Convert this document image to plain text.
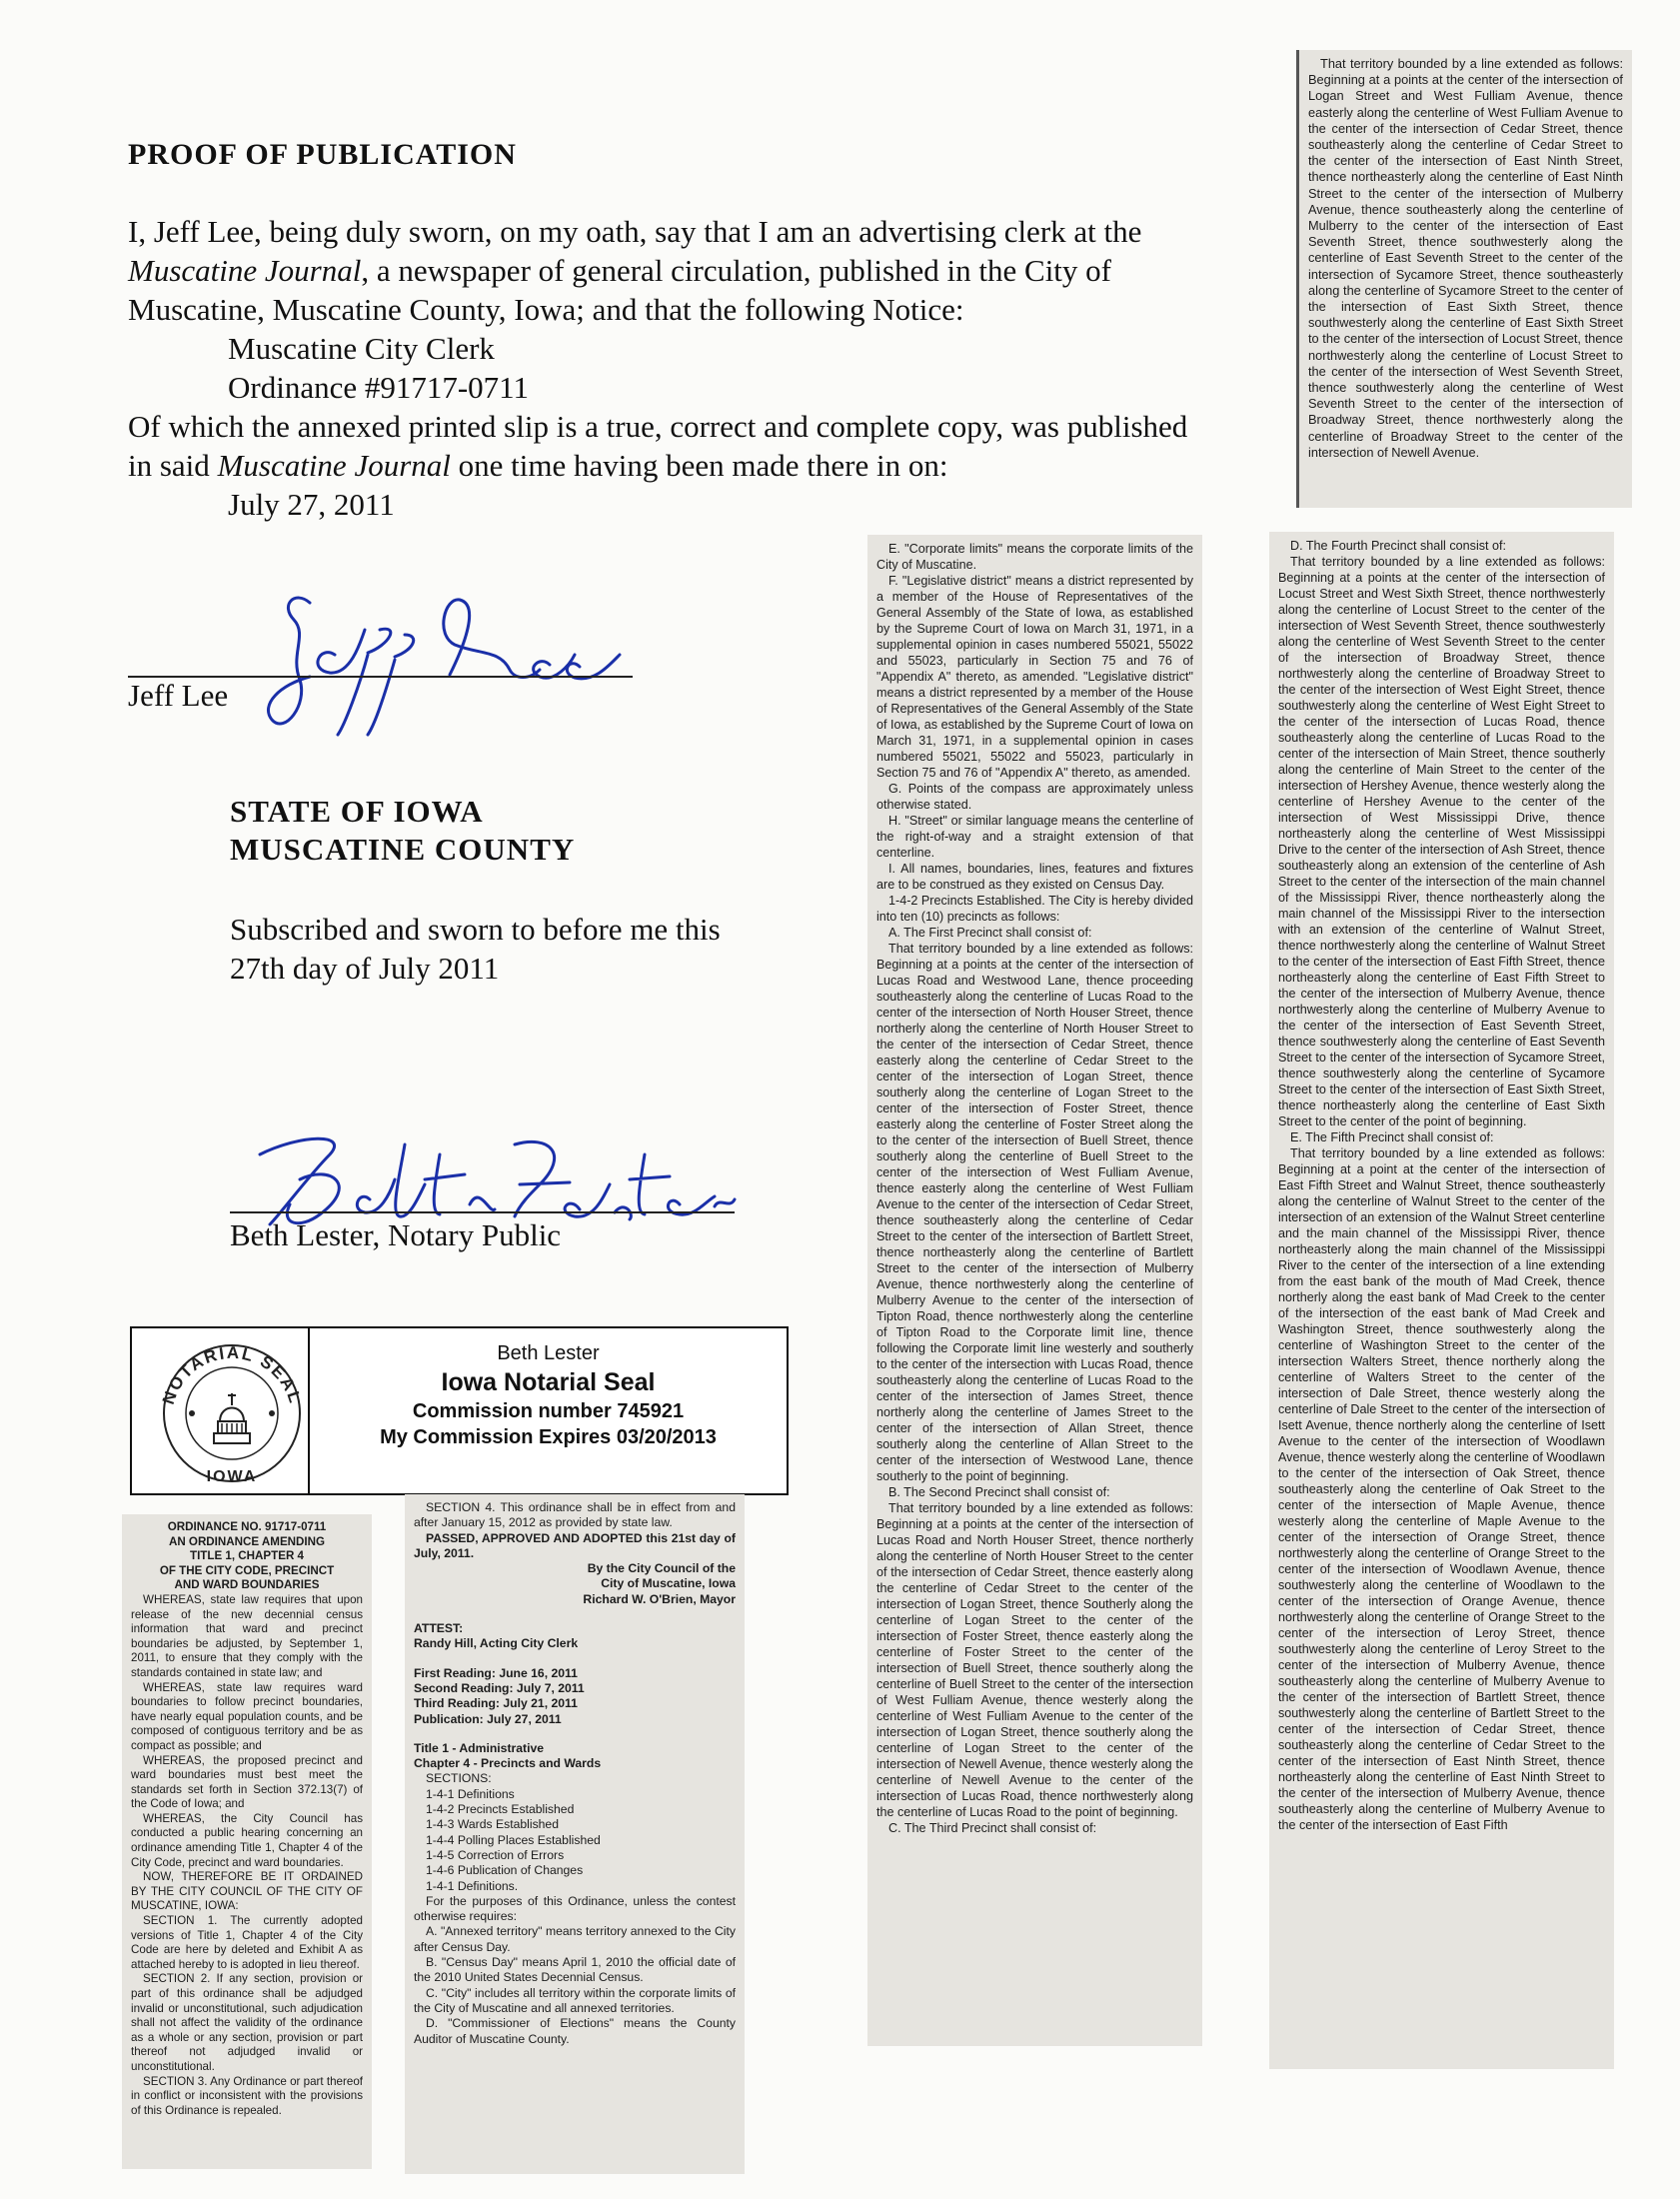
PROOF OF PUBLICATION
I, Jeff Lee, being duly sworn, on my oath, say that I am an advertising clerk at the
Muscatine Journal, a newspaper of general circulation, published in the City of
Muscatine, Muscatine County, Iowa; and that the following Notice:
Muscatine City Clerk
Ordinance #91717-0711
Of which the annexed printed slip is a true, correct and complete copy, was published
in said Muscatine Journal one time having been made there in on:
July 27, 2011
Jeff Lee
STATE OF IOWA
MUSCATINE COUNTY
Subscribed and sworn to before me this
27th day of July 2011
Beth Lester, Notary Public
NOTARIAL SEAL
IOWA
Beth Lester
Iowa Notarial Seal
Commission number 745921
My Commission Expires 03/20/2013

That territory bounded by a line extended as follows: Beginning at a points at the center of the intersection of Logan Street and West Fulliam Avenue, thence easterly along the centerline of West Fulliam Avenue to the center of the intersection of Cedar Street, thence southeasterly along the centerline of Cedar Street to the center of the intersection of East Ninth Street, thence northeasterly along the centerline of East Ninth Street to the center of the intersection of Mulberry Avenue, thence southeasterly along the centerline of Mulberry to the center of the intersection of East Seventh Street, thence southwesterly along the centerline of East Seventh Street to the center of the intersection of Sycamore Street, thence southeasterly along the centerline of Sycamore Street to the center of the intersection of East Sixth Street, thence southwesterly along the centerline of East Sixth Street to the center of the intersection of Locust Street, thence northwesterly along the centerline of Locust Street to the center of the intersection of West Seventh Street, thence southwesterly along the centerline of West Seventh Street to the center of the intersection of Broadway Street, thence northwesterly along the centerline of Broadway Street to the center of the intersection of Newell Avenue.

E. "Corporate limits" means the corporate limits of the City of Muscatine.

F. "Legislative district" means a district represented by a member of the House of Representatives of the General Assembly of the State of Iowa, as established by the Supreme Court of Iowa on March 31, 1971, in a supplemental opinion in cases numbered 55021, 55022 and 55023, particularly in Section 75 and 76 of "Appendix A" thereto, as amended. "Legislative district" means a district represented by a member of the House of Representatives of the General Assembly of the State of Iowa, as established by the Supreme Court of Iowa on March 31, 1971, in a supplemental opinion in cases numbered 55021, 55022 and 55023, particularly in Section 75 and 76 of "Appendix A" thereto, as amended.

G. Points of the compass are approximately unless otherwise stated.

H. "Street" or similar language means the centerline of the right-of-way and a straight extension of that centerline.

I. All names, boundaries, lines, features and fixtures are to be construed as they existed on Census Day.

1-4-2 Precincts Established. The City is hereby divided into ten (10) precincts as follows:

A. The First Precinct shall consist of:

That territory bounded by a line extended as follows: Beginning at a points at the center of the intersection of Lucas Road and Westwood Lane, thence proceeding southeasterly along the centerline of Lucas Road to the center of the intersection of North Houser Street, thence northerly along the centerline of North Houser Street to the center of the intersection of Cedar Street, thence easterly along the centerline of Cedar Street to the center of the intersection of Logan Street, thence southerly along the centerline of Logan Street to the center of the intersection of Foster Street, thence easterly along the centerline of Foster Street along the to the center of the intersection of Buell Street, thence southerly along the centerline of Buell Street to the center of the intersection of West Fulliam Avenue, thence easterly along the centerline of West Fulliam Avenue to the center of the intersection of Cedar Street, thence southeasterly along the centerline of Cedar Street to the center of the intersection of Bartlett Street, thence northeasterly along the centerline of Bartlett Street to the center of the intersection of Mulberry Avenue, thence northwesterly along the centerline of Mulberry Avenue to the center of the intersection of Tipton Road, thence northwesterly along the centerline of Tipton Road to the Corporate limit line, thence following the Corporate limit line westerly and southerly to the center of the intersection with Lucas Road, thence southeasterly along the centerline of Lucas Road to the center of the intersection of James Street, thence northerly along the centerline of James Street to the center of the intersection of Allan Street, thence southerly along the centerline of Allan Street to the center of the intersection of Westwood Lane, thence southerly to the point of beginning.

B. The Second Precinct shall consist of:

That territory bounded by a line extended as follows: Beginning at a points at the center of the intersection of Lucas Road and North Houser Street, thence northerly along the centerline of North Houser Street to the center of the intersection of Cedar Street, thence easterly along the centerline of Cedar Street to the center of the intersection of Logan Street, thence Southerly along the centerline of Logan Street to the center of the intersection of Foster Street, thence easterly along the centerline of Foster Street to the center of the intersection of Buell Street, thence southerly along the centerline of Buell Street to the center of the intersection of West Fulliam Avenue, thence westerly along the centerline of West Fulliam Avenue to the center of the intersection of Logan Street, thence southerly along the centerline of Logan Street to the center of the intersection of Newell Avenue, thence westerly along the centerline of Newell Avenue to the center of the intersection of Lucas Road, thence northwesterly along the centerline of Lucas Road to the point of beginning.

C. The Third Precinct shall consist of:

D. The Fourth Precinct shall consist of:

That territory bounded by a line extended as follows: Beginning at a points at the center of the intersection of Locust Street and West Sixth Street, thence northwesterly along the centerline of Locust Street to the center of the intersection of West Seventh Street, thence southwesterly along the centerline of West Seventh Street to the center of the intersection of Broadway Street, thence northwesterly along the centerline of Broadway Street to the center of the intersection of West Eight Street, thence southwesterly along the centerline of West Eight Street to the center of the intersection of Lucas Road, thence southeasterly along the centerline of Lucas Road to the center of the intersection of Main Street, thence southerly along the centerline of Main Street to the center of the intersection of Hershey Avenue, thence westerly along the centerline of Hershey Avenue to the center of the intersection of West Mississippi Drive, thence northeasterly along the centerline of West Mississippi Drive to the center of the intersection of Ash Street, thence southeasterly along an extension of the centerline of Ash Street to the center of the intersection of the main channel of the Mississippi River, thence northeasterly along the main channel of the Mississippi River to the intersection with an extension of the centerline of Walnut Street, thence northwesterly along the centerline of Walnut Street to the center of the intersection of East Fifth Street, thence northeasterly along the centerline of East Fifth Street to the center of the intersection of Mulberry Avenue, thence northwesterly along the centerline of Mulberry Avenue to the center of the intersection of East Seventh Street, thence southwesterly along the centerline of East Seventh Street to the center of the intersection of Sycamore Street, thence southwesterly along the centerline of Sycamore Street to the center of the intersection of East Sixth Street, thence northeasterly along the centerline of East Sixth Street to the center of the point of beginning.

E. The Fifth Precinct shall consist of:

That territory bounded by a line extended as follows: Beginning at a point at the center of the intersection of East Fifth Street and Walnut Street, thence southeasterly along the centerline of Walnut Street to the center of the intersection of an extension of the Walnut Street centerline and the main channel of the Mississippi River, thence northeasterly along the main channel of the Mississippi River to the center of the intersection of a line extending from the east bank of the mouth of Mad Creek, thence northerly along the east bank of Mad Creek to the center of the intersection of the east bank of Mad Creek and Washington Street, thence southwesterly along the centerline of Washington Street to the center of the intersection Walters Street, thence northerly along the centerline of Walters Street to the center of the intersection of Dale Street, thence westerly along the centerline of Dale Street to the center of the intersection of Isett Avenue, thence northerly along the centerline of Isett Avenue to the center of the intersection of Woodlawn Avenue, thence westerly along the centerline of Woodlawn to the center of the intersection of Oak Street, thence southeasterly along the centerline of Oak Street to the center of the intersection of Maple Avenue, thence westerly along the centerline of Maple Avenue to the center of the intersection of Orange Street, thence northwesterly along the centerline of Orange Street to the center of the intersection of Woodlawn Avenue, thence southwesterly along the centerline of Woodlawn to the center of the intersection of Orange Avenue, thence northwesterly along the centerline of Orange Street to the center of the intersection of Leroy Street, thence southwesterly along the centerline of Leroy Street to the center of the intersection of Mulberry Avenue, thence southeasterly along the centerline of Mulberry Avenue to the center of the intersection of Bartlett Street, thence southwesterly along the centerline of Bartlett Street to the center of the intersection of Cedar Street, thence southeasterly along the centerline of Cedar Street to the center of the intersection of East Ninth Street, thence northeasterly along the centerline of East Ninth Street to the center of the intersection of Mulberry Avenue, thence southeasterly along the centerline of Mulberry Avenue to the center of the intersection of East Fifth

ORDINANCE NO. 91717-0711

AN ORDINANCE AMENDING

TITLE 1, CHAPTER 4

OF THE CITY CODE, PRECINCT

AND WARD BOUNDARIES

WHEREAS, state law requires that upon release of the new decennial census information that ward and precinct boundaries be adjusted, by September 1, 2011, to ensure that they comply with the standards contained in state law; and

WHEREAS, state law requires ward boundaries to follow precinct boundaries, have nearly equal population counts, and be composed of contiguous territory and be as compact as possible; and

WHEREAS, the proposed precinct and ward boundaries must best meet the standards set forth in Section 372.13(7) of the Code of Iowa; and

WHEREAS, the City Council has conducted a public hearing concerning an ordinance amending Title 1, Chapter 4 of the City Code, precinct and ward boundaries.

NOW, THEREFORE BE IT ORDAINED BY THE CITY COUNCIL OF THE CITY OF MUSCATINE, IOWA:

SECTION 1. The currently adopted versions of Title 1, Chapter 4 of the City Code are here by deleted and Exhibit A as attached hereby to is adopted in lieu thereof.

SECTION 2. If any section, provision or part of this ordinance shall be adjudged invalid or unconstitutional, such adjudication shall not affect the validity of the ordinance as a whole or any section, provision or part thereof not adjudged invalid or unconstitutional.

SECTION 3. Any Ordinance or part thereof in conflict or inconsistent with the provisions of this Ordinance is repealed.

SECTION 4. This ordinance shall be in effect from and after January 15, 2012 as provided by state law.

PASSED, APPROVED AND ADOPTED this 21st day of July, 2011.

By the City Council of the City of Muscatine, Iowa

Richard W. O'Brien, Mayor

ATTEST:

Randy Hill, Acting City Clerk

First Reading: June 16, 2011

Second Reading: July 7, 2011

Third Reading: July 21, 2011

Publication: July 27, 2011

Title 1 - Administrative

Chapter 4 - Precincts and Wards

SECTIONS:

1-4-1 Definitions

1-4-2 Precincts Established

1-4-3 Wards Established

1-4-4 Polling Places Established

1-4-5 Correction of Errors

1-4-6 Publication of Changes

1-4-1 Definitions.

For the purposes of this Ordinance, unless the contest otherwise requires:

A. "Annexed territory" means territory annexed to the City after Census Day.

B. "Census Day" means April 1, 2010 the official date of the 2010 United States Decennial Census.

C. "City" includes all territory within the corporate limits of the City of Muscatine and all annexed territories.

D. "Commissioner of Elections" means the County Auditor of Muscatine County.
